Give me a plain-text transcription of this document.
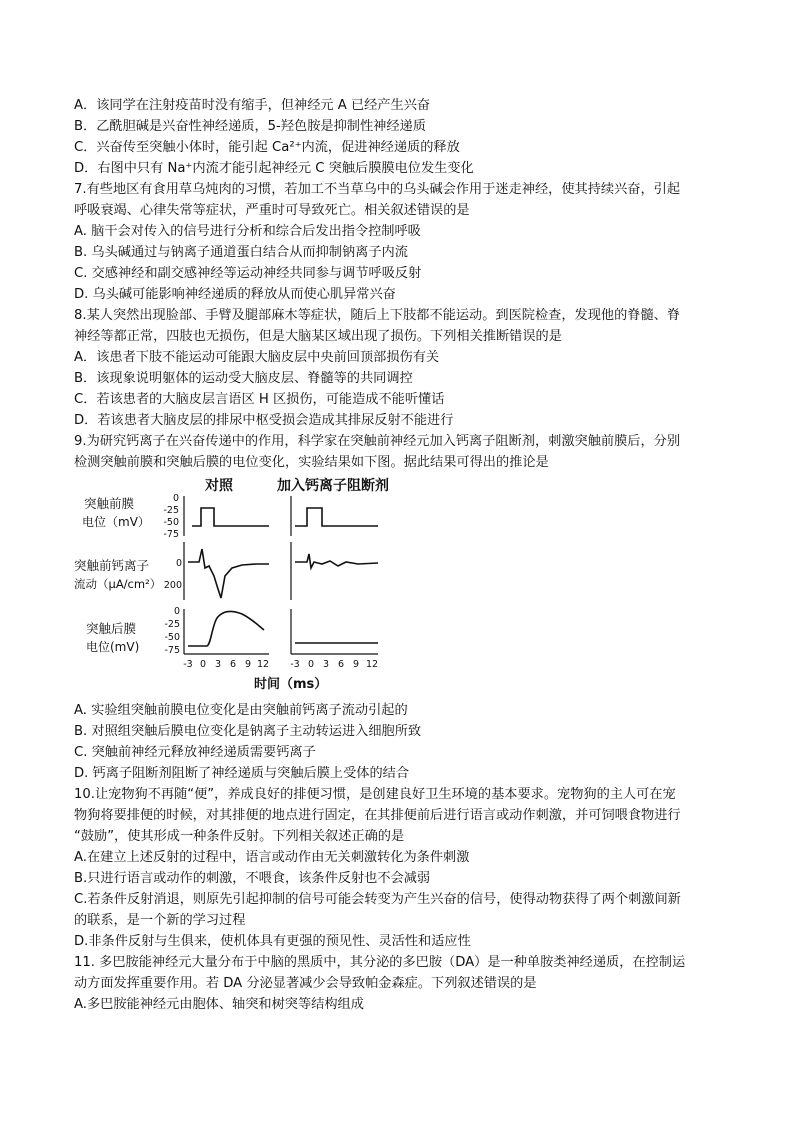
A．该同学在注射疫苗时没有缩手，但神经元 A 已经产生兴奋
B．乙酰胆碱是兴奋性神经递质，5-羟色胺是抑制性神经递质
C．兴奋传至突触小体时，能引起 Ca²⁺内流，促进神经递质的释放
D．右图中只有 Na⁺内流才能引起神经元 C 突触后膜膜电位发生变化
7.有些地区有食用草乌炖肉的习惯，若加工不当草乌中的乌头碱会作用于迷走神经，使其持续兴奋，引起
呼吸衰竭、心律失常等症状，严重时可导致死亡。相关叙述错误的是
A. 脑干会对传入的信号进行分析和综合后发出指令控制呼吸
B. 乌头碱通过与钠离子通道蛋白结合从而抑制钠离子内流
C. 交感神经和副交感神经等运动神经共同参与调节呼吸反射
D. 乌头碱可能影响神经递质的释放从而使心肌异常兴奋
8.某人突然出现脸部、手臂及腿部麻木等症状，随后上下肢都不能运动。到医院检查，发现他的脊髓、脊
神经等都正常，四肢也无损伤，但是大脑某区域出现了损伤。下列相关推断错误的是
A．该患者下肢不能运动可能跟大脑皮层中央前回顶部损伤有关
B．该现象说明躯体的运动受大脑皮层、脊髓等的共同调控
C．若该患者的大脑皮层言语区 H 区损伤，可能造成不能听懂话
D．若该患者大脑皮层的排尿中枢受损会造成其排尿反射不能进行
9.为研究钙离子在兴奋传递中的作用，科学家在突触前神经元加入钙离子阻断剂，刺激突触前膜后，分别
检测突触前膜和突触后膜的电位变化，实验结果如下图。据此结果可得出的推论是
对照	加入钙离子阻断剂
突触前膜
电位（mV）
突触前钙离子
流动（μA/cm²）
突触后膜
电位(mV)
0
-25
-50
-75
0
200
0
-25
-50
-75
-3 0 3 6 9 12 -3 0 3 6 9 12
时间（ms）
A. 实验组突触前膜电位变化是由突触前钙离子流动引起的
B. 对照组突触后膜电位变化是钠离子主动转运进入细胞所致
C. 突触前神经元释放神经递质需要钙离子
D. 钙离子阻断剂阻断了神经递质与突触后膜上受体的结合
10.让宠物狗不再随“便”，养成良好的排便习惯，是创建良好卫生环境的基本要求。宠物狗的主人可在宠
物狗将要排便的时候，对其排便的地点进行固定，在其排便前后进行语言或动作刺激，并可饲喂食物进行
“鼓励”，使其形成一种条件反射。下列相关叙述正确的是
A.在建立上述反射的过程中，语言或动作由无关刺激转化为条件刺激
B.只进行语言或动作的刺激，不喂食，该条件反射也不会减弱
C.若条件反射消退，则原先引起抑制的信号可能会转变为产生兴奋的信号，使得动物获得了两个刺激间新
的联系，是一个新的学习过程
D.非条件反射与生俱来，使机体具有更强的预见性、灵活性和适应性
11. 多巴胺能神经元大量分布于中脑的黑质中，其分泌的多巴胺（DA）是一种单胺类神经递质，在控制运
动方面发挥重要作用。若 DA 分泌显著减少会导致帕金森症。下列叙述错误的是
A.多巴胺能神经元由胞体、轴突和树突等结构组成
